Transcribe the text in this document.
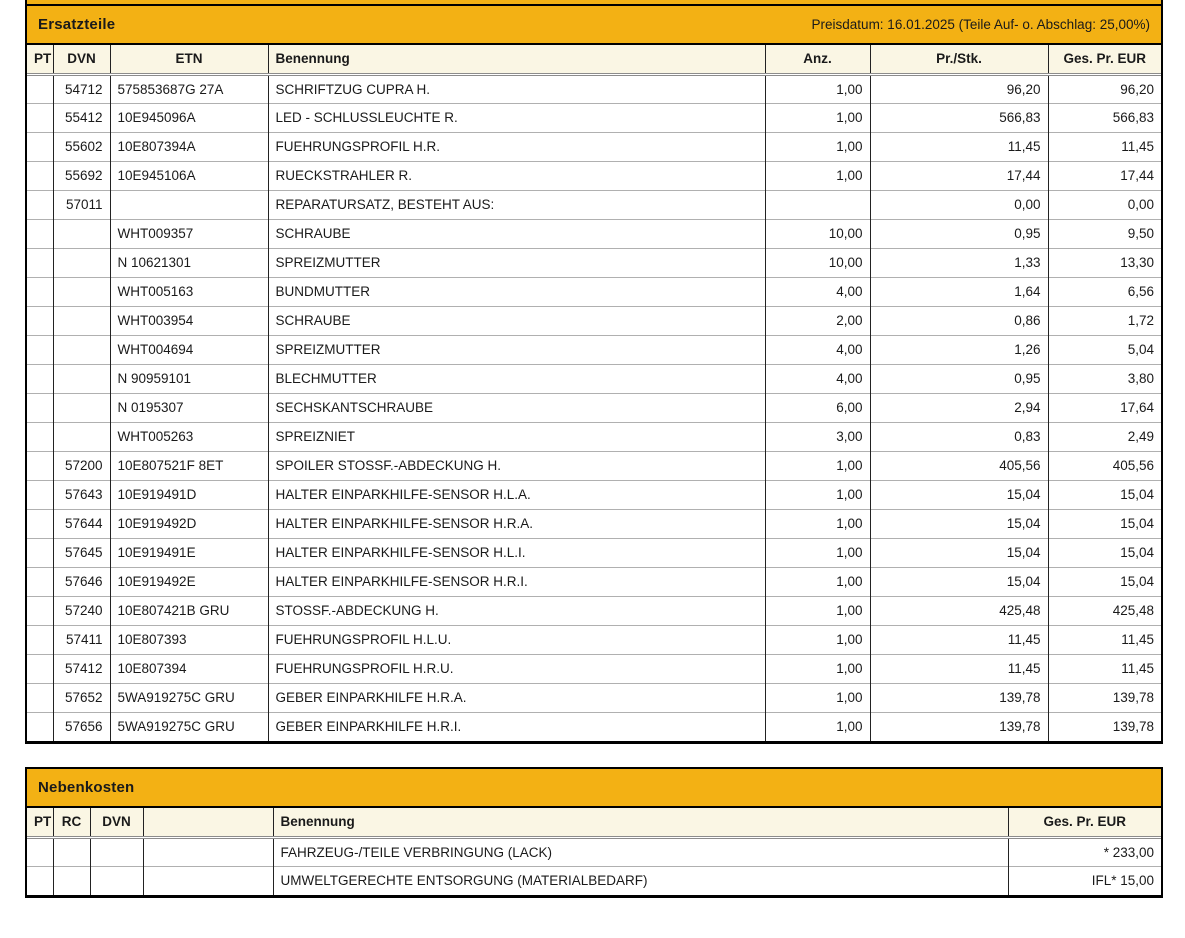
Ersatzteile	Preisdatum: 16.01.2025 (Teile Auf- o. Abschlag: 25,00%)
PT	DVN	ETN	Benennung	Anz.	Pr./Stk.	Ges. Pr. EUR
	54712	575853687G 27A	SCHRIFTZUG CUPRA H.	1,00	96,20	96,20
	55412	10E945096A	LED - SCHLUSSLEUCHTE R.	1,00	566,83	566,83
	55602	10E807394A	FUEHRUNGSPROFIL H.R.	1,00	11,45	11,45
	55692	10E945106A	RUECKSTRAHLER R.	1,00	17,44	17,44
	57011		REPARATURSATZ, BESTEHT AUS:		0,00	0,00
		WHT009357	SCHRAUBE	10,00	0,95	9,50
		N 10621301	SPREIZMUTTER	10,00	1,33	13,30
		WHT005163	BUNDMUTTER	4,00	1,64	6,56
		WHT003954	SCHRAUBE	2,00	0,86	1,72
		WHT004694	SPREIZMUTTER	4,00	1,26	5,04
		N 90959101	BLECHMUTTER	4,00	0,95	3,80
		N 0195307	SECHSKANTSCHRAUBE	6,00	2,94	17,64
		WHT005263	SPREIZNIET	3,00	0,83	2,49
	57200	10E807521F 8ET	SPOILER STOSSF.-ABDECKUNG H.	1,00	405,56	405,56
	57643	10E919491D	HALTER EINPARKHILFE-SENSOR H.L.A.	1,00	15,04	15,04
	57644	10E919492D	HALTER EINPARKHILFE-SENSOR H.R.A.	1,00	15,04	15,04
	57645	10E919491E	HALTER EINPARKHILFE-SENSOR H.L.I.	1,00	15,04	15,04
	57646	10E919492E	HALTER EINPARKHILFE-SENSOR H.R.I.	1,00	15,04	15,04
	57240	10E807421B GRU	STOSSF.-ABDECKUNG H.	1,00	425,48	425,48
	57411	10E807393	FUEHRUNGSPROFIL H.L.U.	1,00	11,45	11,45
	57412	10E807394	FUEHRUNGSPROFIL H.R.U.	1,00	11,45	11,45
	57652	5WA919275C GRU	GEBER EINPARKHILFE H.R.A.	1,00	139,78	139,78
	57656	5WA919275C GRU	GEBER EINPARKHILFE H.R.I.	1,00	139,78	139,78
Nebenkosten
PT	RC	DVN		Benennung	Ges. Pr. EUR
				FAHRZEUG-/TEILE VERBRINGUNG (LACK)	* 233,00
				UMWELTGERECHTE ENTSORGUNG (MATERIALBEDARF)	IFL* 15,00
